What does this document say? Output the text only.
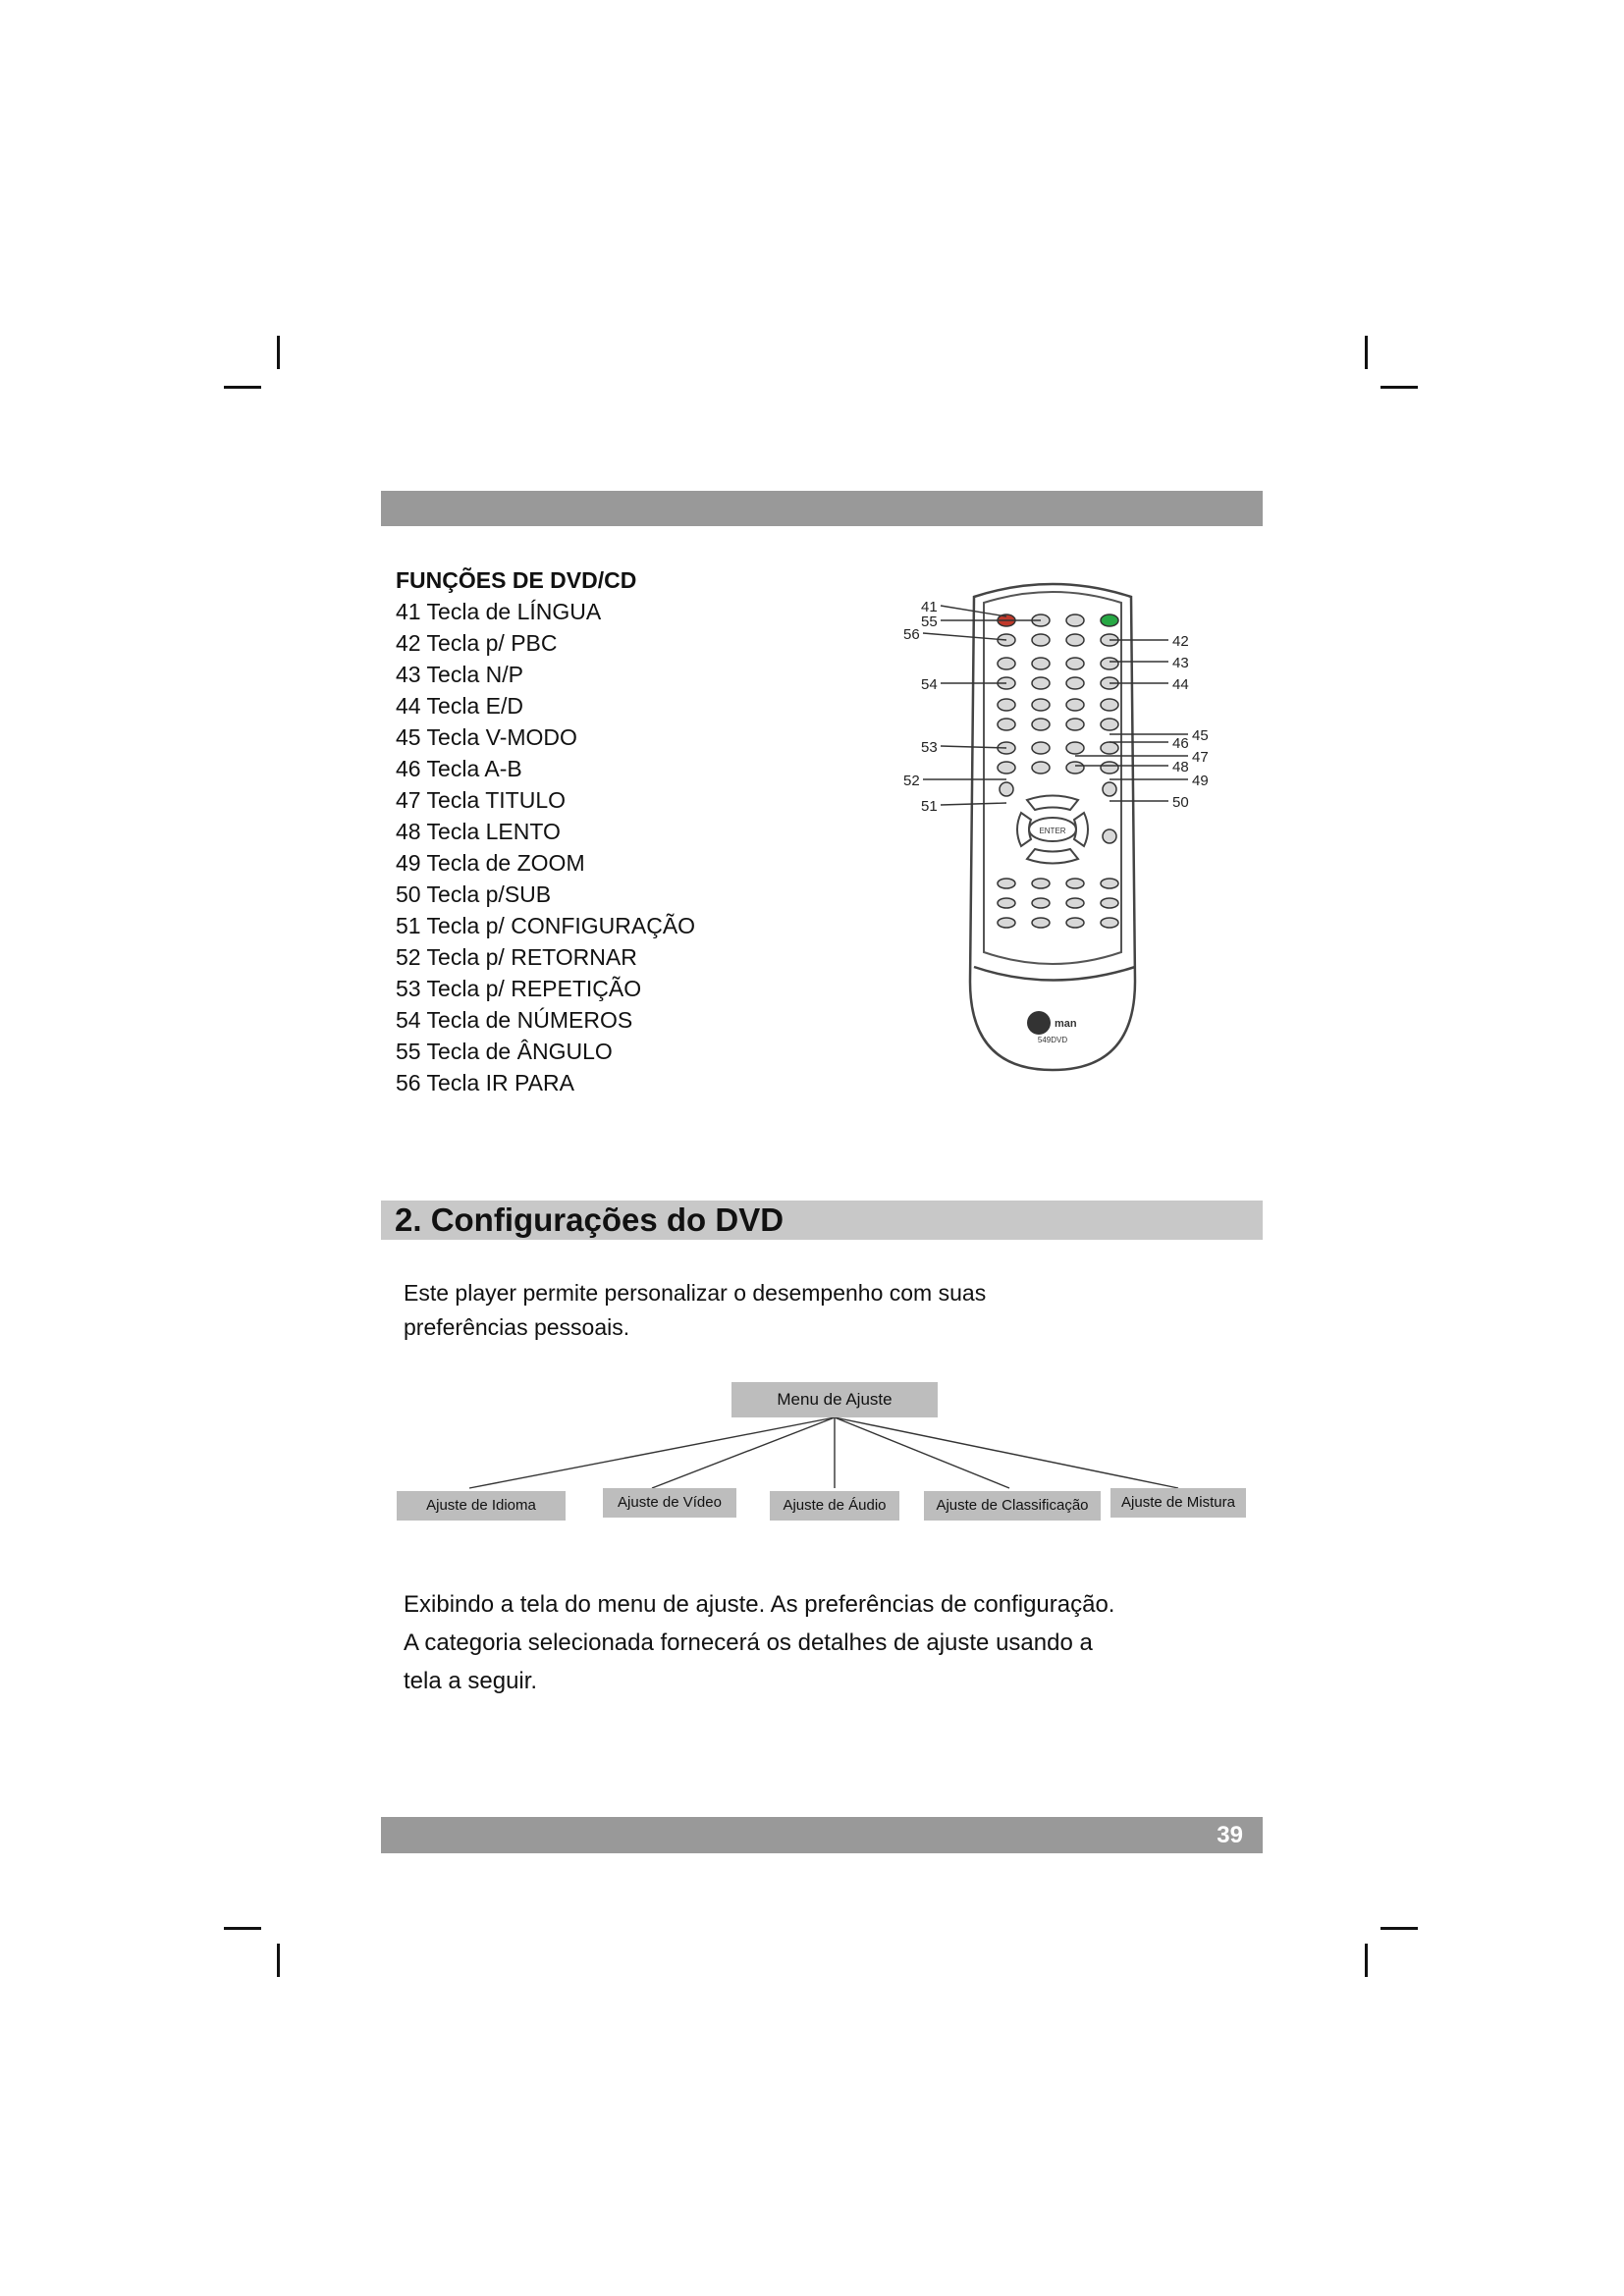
FUNÇÕES DE DVD/CD
41 Tecla de LÍNGUA
42 Tecla p/ PBC
43 Tecla N/P
44 Tecla E/D
45 Tecla V-MODO
46 Tecla A-B
47 Tecla TITULO
48 Tecla LENTO
49 Tecla de ZOOM
50 Tecla p/SUB
51 Tecla p/ CONFIGURAÇÃO
52 Tecla p/ RETORNAR
53 Tecla p/ REPETIÇÃO
54 Tecla de NÚMEROS
55 Tecla de ÂNGULO
56 Tecla IR PARA
ENTER
man
549DVD
41
55
56
54
53
52
51
42
43
44
45
46
47
48
49
50
2. Configurações do DVD
Este player permite personalizar o desempenho com suas
preferências pessoais.
Menu de Ajuste
Ajuste de Idioma	Ajuste de Vídeo	Ajuste de Áudio	Ajuste de Classificação	Ajuste de Mistura
Exibindo a tela do menu de ajuste. As preferências de configuração.
A categoria selecionada fornecerá os detalhes de ajuste usando a
tela a seguir.
39
